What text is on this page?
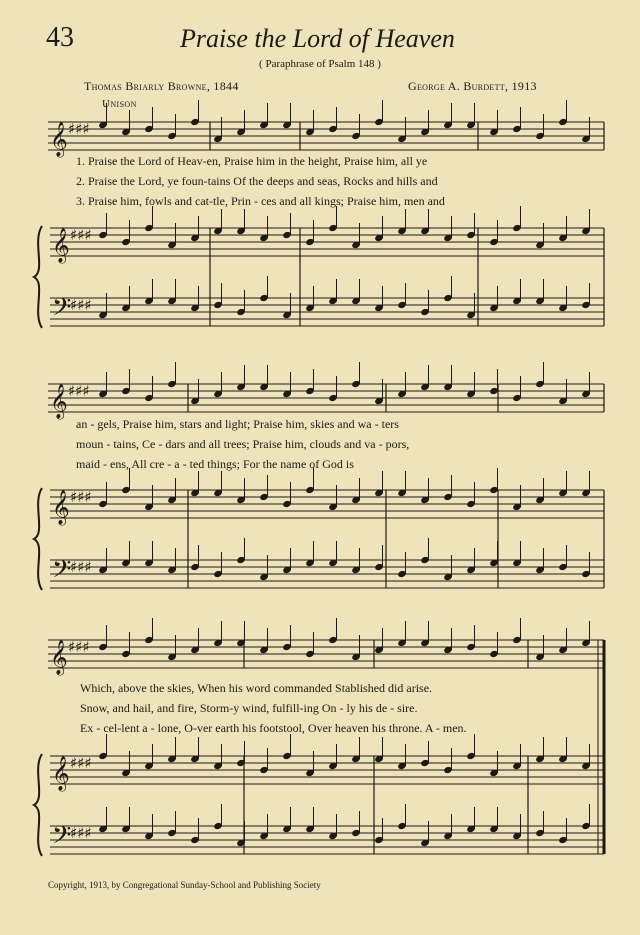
43	Praise the Lord of Heaven
( Paraphrase of Psalm 148 )
Thomas Briarly Browne, 1844	George A. Burdett, 1913
Unison
𝄞 ♯♯♯
𝄞 ♯♯♯
𝄢
♯♯♯
𝄞 ♯♯♯
𝄞 ♯♯♯
𝄢
♯♯♯
𝄞 ♯♯♯
𝄞 ♯♯♯
𝄢
♯♯♯
1. Praise the Lord of Heav-en, Praise him in the height, Praise him, all ye
2. Praise the Lord, ye foun-tains Of the deeps and seas, Rocks and hills and
3. Praise him, fowls and cat-tle, Prin - ces and all kings; Praise him, men and
an - gels, Praise him, stars and light; Praise him, skies and wa - ters
moun - tains, Ce - dars and all trees; Praise him, clouds and va - pors,
maid - ens, All cre - a - ted things; For the name of God is
Which, above the skies, When his word commanded Stablished did arise.
Snow, and hail, and fire, Storm-y wind, fulfill-ing On - ly his de - sire.
Ex - cel-lent a - lone, O-ver earth his footstool, Over heaven his throne. A - men.
Copyright, 1913, by Congregational Sunday-School and Publishing Society
